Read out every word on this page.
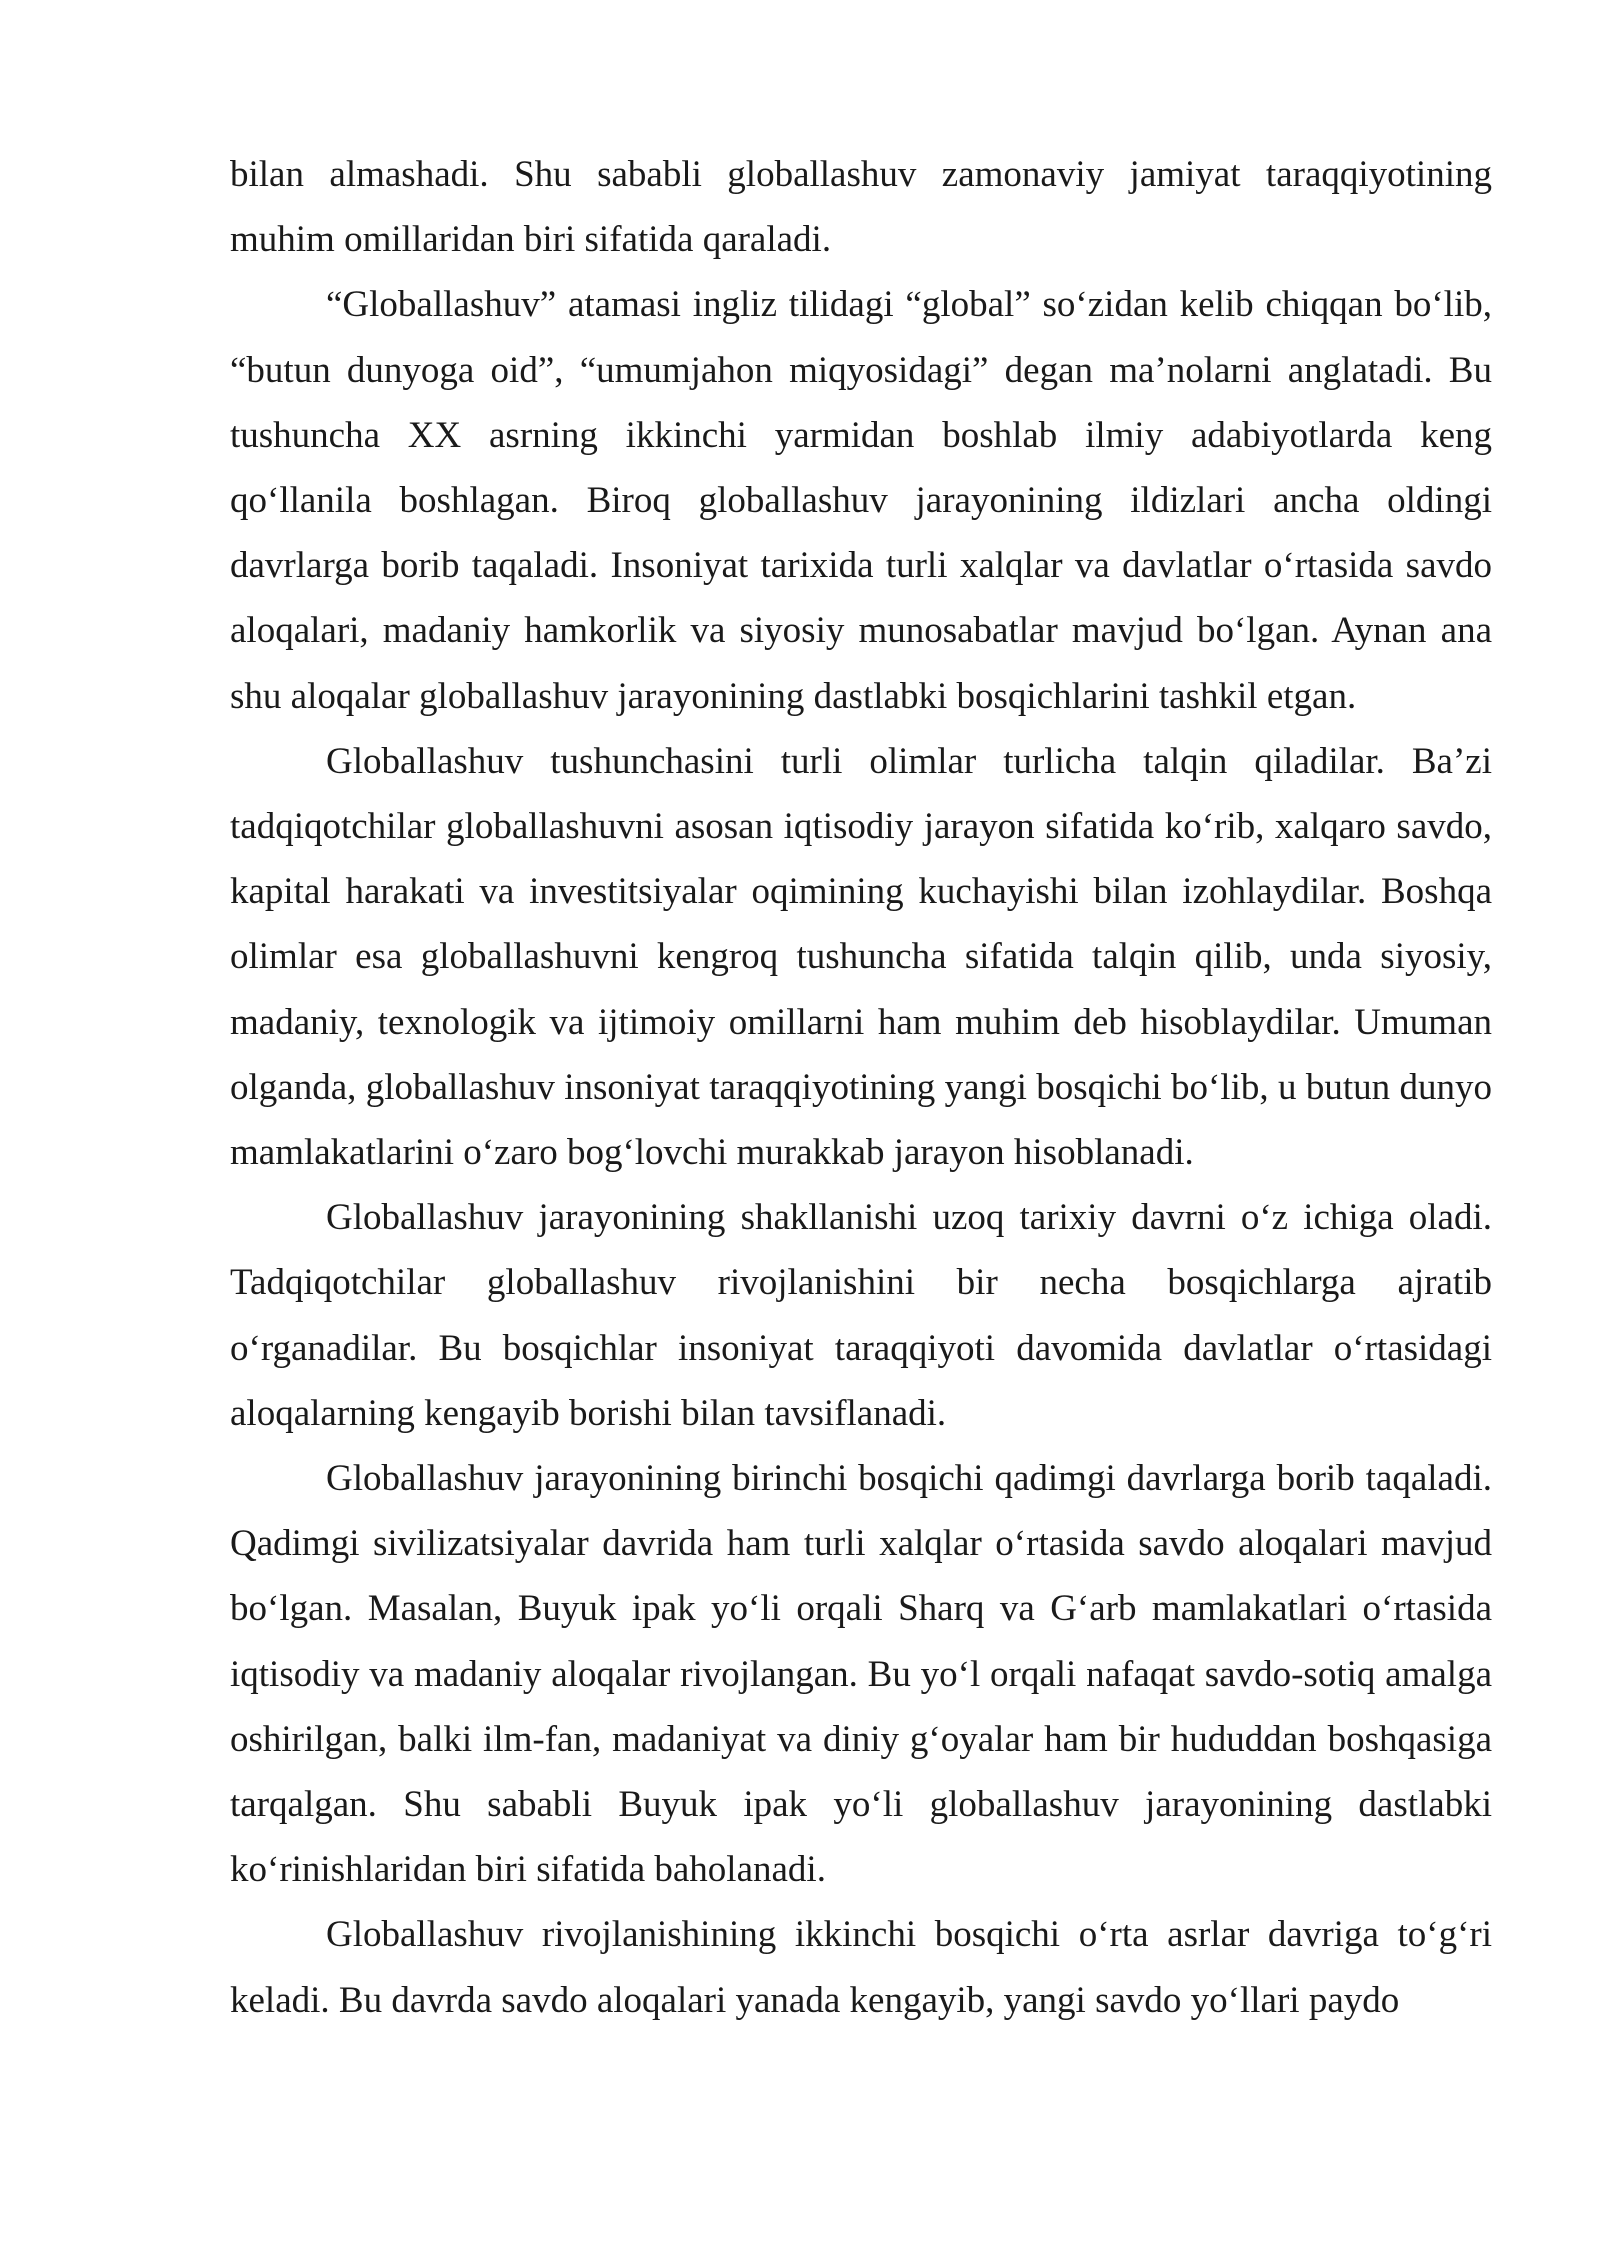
bilan almashadi. Shu sababli globallashuv zamonaviy jamiyat taraqqiyotining muhim omillaridan biri sifatida qaraladi.

“Globallashuv” atamasi ingliz tilidagi “global” so‘zidan kelib chiqqan bo‘lib, “butun dunyoga oid”, “umumjahon miqyosidagi” degan ma’nolarni anglatadi. Bu tushuncha XX asrning ikkinchi yarmidan boshlab ilmiy adabiyotlarda keng qo‘llanila boshlagan. Biroq globallashuv jarayonining ildizlari ancha oldingi davrlarga borib taqaladi. Insoniyat tarixida turli xalqlar va davlatlar o‘rtasida savdo aloqalari, madaniy hamkorlik va siyosiy munosabatlar mavjud bo‘lgan. Aynan ana shu aloqalar globallashuv jarayonining dastlabki bosqichlarini tashkil etgan.

Globallashuv tushunchasini turli olimlar turlicha talqin qiladilar. Ba’zi tadqiqotchilar globallashuvni asosan iqtisodiy jarayon sifatida ko‘rib, xalqaro savdo, kapital harakati va investitsiyalar oqimining kuchayishi bilan izohlaydilar. Boshqa olimlar esa globallashuvni kengroq tushuncha sifatida talqin qilib, unda siyosiy, madaniy, texnologik va ijtimoiy omillarni ham muhim deb hisoblaydilar. Umuman olganda, globallashuv insoniyat taraqqiyotining yangi bosqichi bo‘lib, u butun dunyo mamlakatlarini o‘zaro bog‘lovchi murakkab jarayon hisoblanadi.

Globallashuv jarayonining shakllanishi uzoq tarixiy davrni o‘z ichiga oladi. Tadqiqotchilar globallashuv rivojlanishini bir necha bosqichlarga ajratib o‘rganadilar. Bu bosqichlar insoniyat taraqqiyoti davomida davlatlar o‘rtasidagi aloqalarning kengayib borishi bilan tavsiflanadi.

Globallashuv jarayonining birinchi bosqichi qadimgi davrlarga borib taqaladi. Qadimgi sivilizatsiyalar davrida ham turli xalqlar o‘rtasida savdo aloqalari mavjud bo‘lgan. Masalan, Buyuk ipak yo‘li orqali Sharq va G‘arb mamlakatlari o‘rtasida iqtisodiy va madaniy aloqalar rivojlangan. Bu yo‘l orqali nafaqat savdo-sotiq amalga oshirilgan, balki ilm-fan, madaniyat va diniy g‘oyalar ham bir hududdan boshqasiga tarqalgan. Shu sababli Buyuk ipak yo‘li globallashuv jarayonining dastlabki ko‘rinishlaridan biri sifatida baholanadi.

Globallashuv rivojlanishining ikkinchi bosqichi o‘rta asrlar davriga to‘g‘ri keladi. Bu davrda savdo aloqalari yanada kengayib, yangi savdo yo‘llari paydo
